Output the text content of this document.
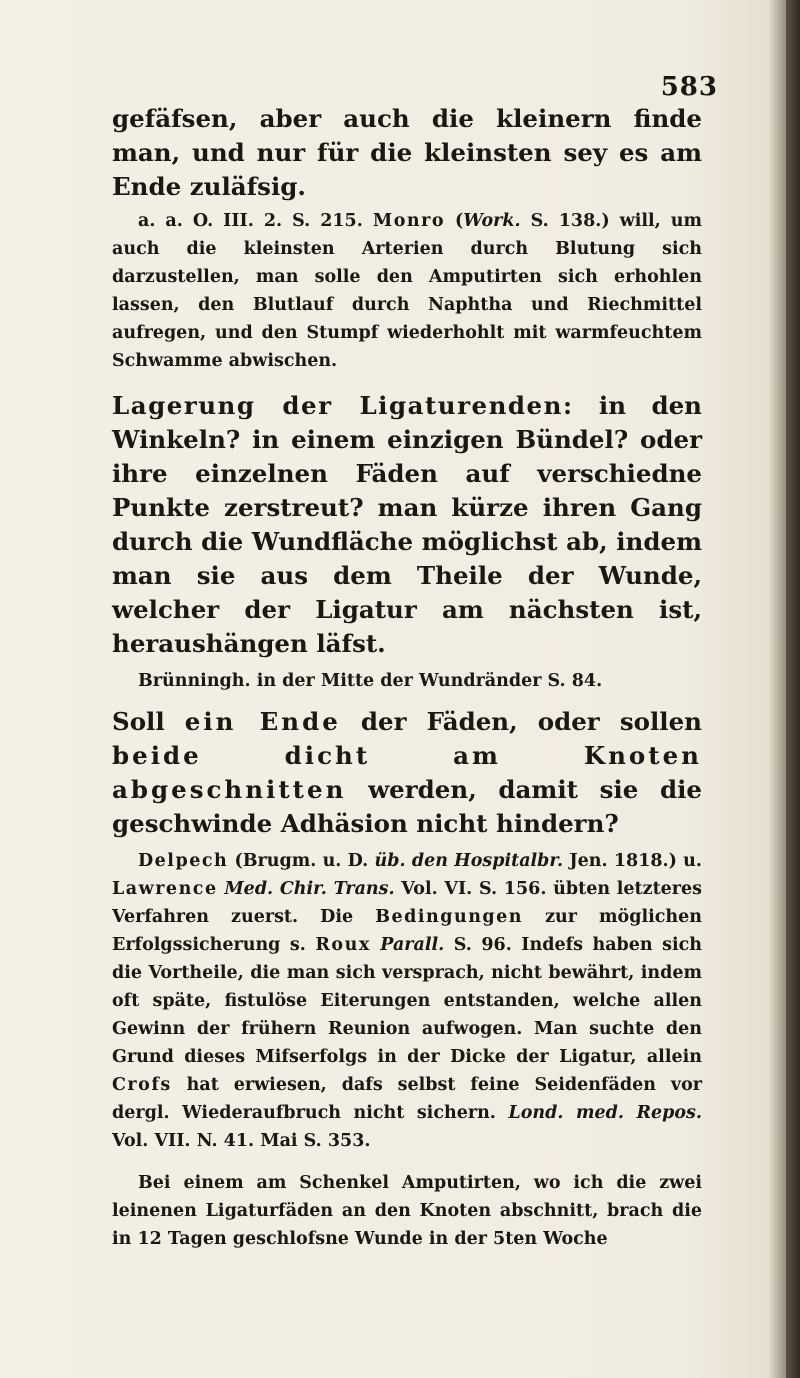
583

gefäfsen, aber auch die kleinern finde man, und nur für die kleinsten sey es am Ende zuläfsig.

a. a. O. III. 2. S. 215. Monro (Work. S. 138.) will, um auch die kleinsten Arterien durch Blutung sich darzustellen, man solle den Amputirten sich erhohlen lassen, den Blutlauf durch Naphtha und Riechmittel aufregen, und den Stumpf wiederhohlt mit warmfeuchtem Schwamme abwischen.

Lagerung der Ligaturenden: in den Winkeln? in einem einzigen Bündel? oder ihre einzelnen Fäden auf verschiedne Punkte zerstreut? man kürze ihren Gang durch die Wundfläche möglichst ab, indem man sie aus dem Theile der Wunde, welcher der Ligatur am nächsten ist, heraushängen läfst.

Brünningh. in der Mitte der Wundränder S. 84.

Soll ein Ende der Fäden, oder sollen beide dicht am Knoten abgeschnitten werden, damit sie die geschwinde Adhäsion nicht hindern?

Delpech (Brugm. u. D. üb. den Hospitalbr. Jen. 1818.) u. Lawrence Med. Chir. Trans. Vol. VI. S. 156. übten letzteres Verfahren zuerst. Die Bedingungen zur möglichen Erfolgssicherung s. Roux Parall. S. 96. Indefs haben sich die Vortheile, die man sich versprach, nicht bewährt, indem oft späte, fistulöse Eiterungen entstanden, welche allen Gewinn der frühern Reunion aufwogen. Man suchte den Grund dieses Mifserfolgs in der Dicke der Ligatur, allein Crofs hat erwiesen, dafs selbst feine Seidenfäden vor dergl. Wiederaufbruch nicht sichern. Lond. med. Repos. Vol. VII. N. 41. Mai S. 353.

Bei einem am Schenkel Amputirten, wo ich die zwei leinenen Ligaturfäden an den Knoten abschnitt, brach die in 12 Tagen geschlofsne Wunde in der 5ten Woche
